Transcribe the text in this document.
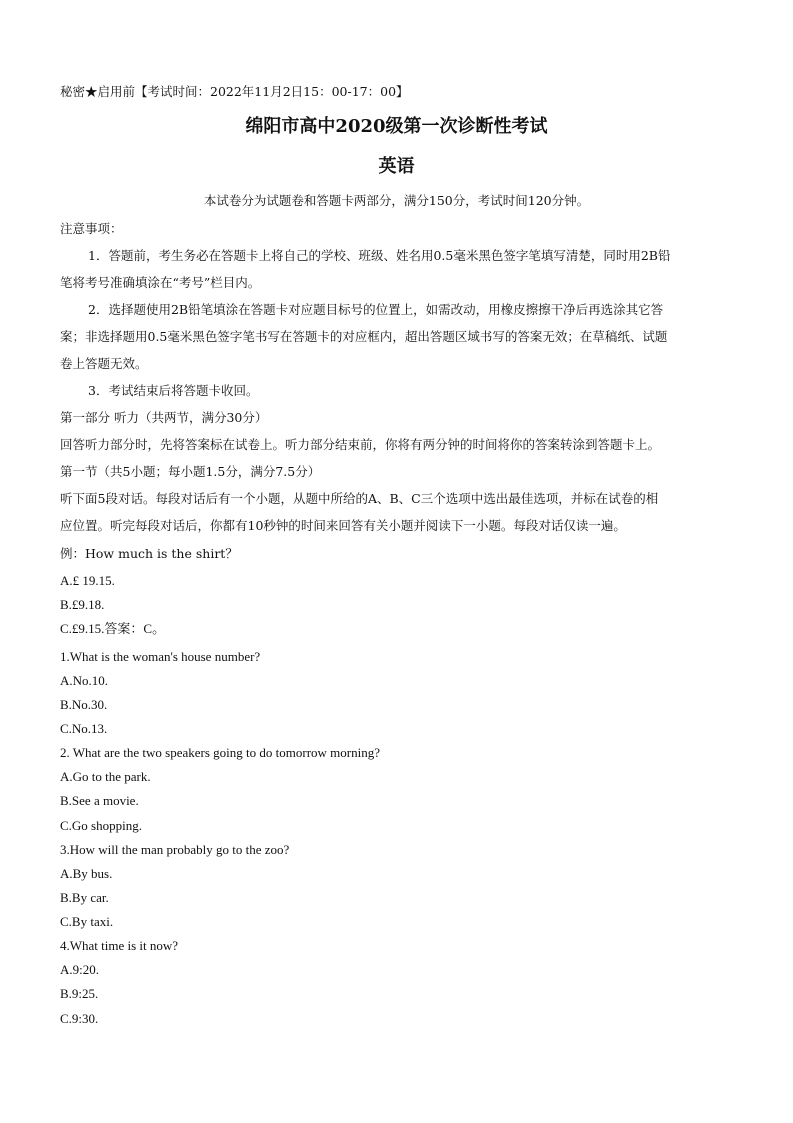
秘密★启用前【考试时间：2022年11月2日15：00-17：00】
绵阳市高中2020级第一次诊断性考试
英语
本试卷分为试题卷和答题卡两部分，满分150分，考试时间120分钟。
注意事项：
1．答题前，考生务必在答题卡上将自己的学校、班级、姓名用0.5毫米黑色签字笔填写清楚，同时用2B铅
笔将考号准确填涂在“考号”栏目内。
2．选择题使用2B铅笔填涂在答题卡对应题目标号的位置上，如需改动，用橡皮擦擦干净后再选涂其它答
案；非选择题用0.5毫米黑色签字笔书写在答题卡的对应框内，超出答题区域书写的答案无效；在草稿纸、试题
卷上答题无效。
3．考试结束后将答题卡收回。
第一部分 听力（共两节，满分30分）
回答听力部分时，先将答案标在试卷上。听力部分结束前，你将有两分钟的时间将你的答案转涂到答题卡上。
第一节（共5小题；每小题1.5分，满分7.5分）
听下面5段对话。每段对话后有一个小题，从题中所给的A、B、C三个选项中选出最佳选项，并标在试卷的相
应位置。听完每段对话后，你都有10秒钟的时间来回答有关小题并阅读下一小题。每段对话仅读一遍。
例：How much is the shirt？
A.£ 19.15.
B.£9.18.
C.£9.15.答案：C。
1.What is the woman's house number?
A.No.10.
B.No.30.
C.No.13.
2. What are the two speakers going to do tomorrow morning?
A.Go to the park.
B.See a movie.
C.Go shopping.
3.How will the man probably go to the zoo?
A.By bus.
B.By car.
C.By taxi.
4.What time is it now?
A.9:20.
B.9:25.
C.9:30.
